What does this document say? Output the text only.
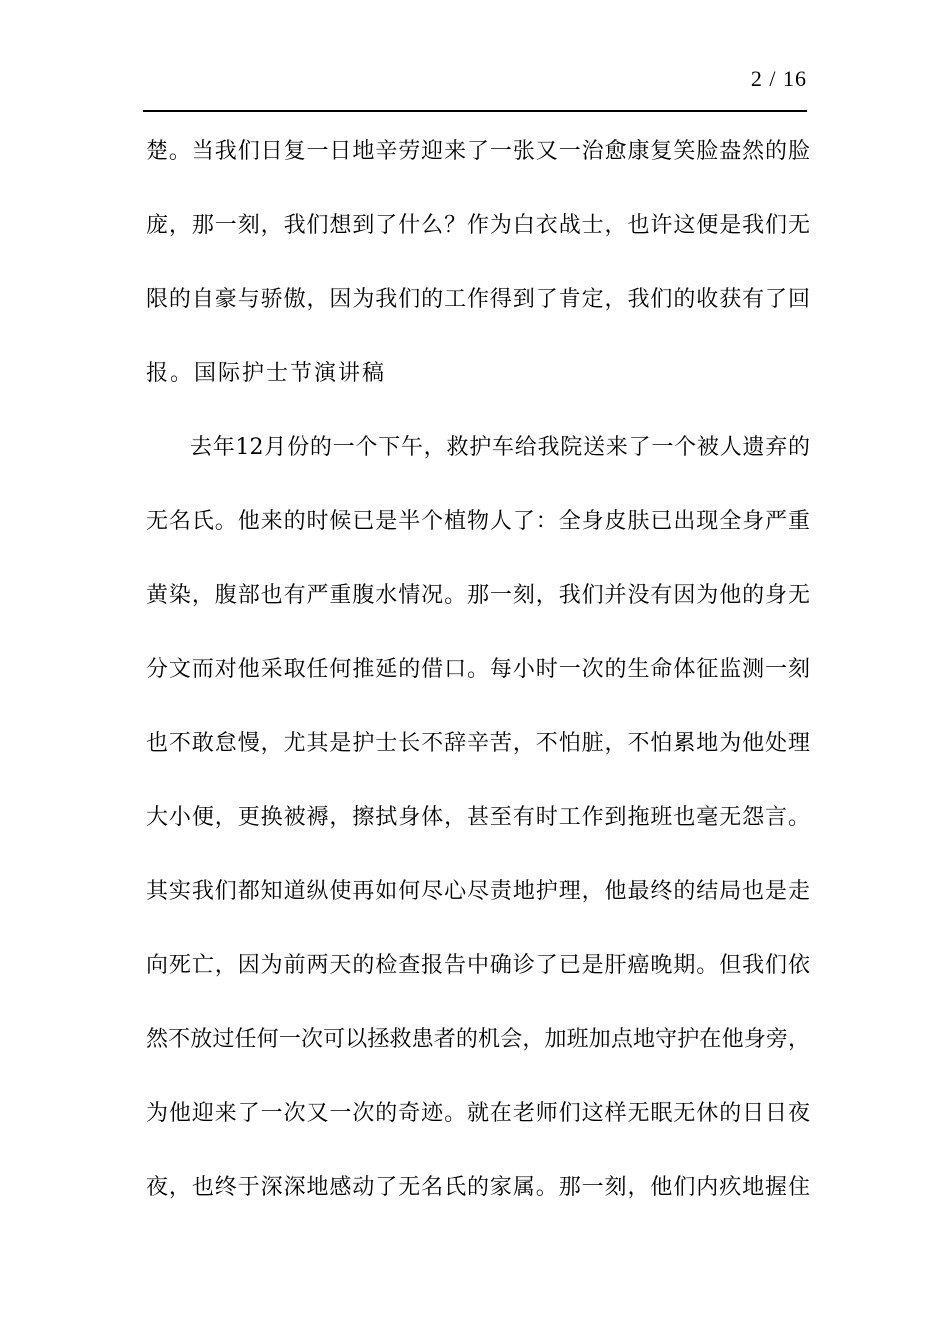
2 / 16
楚。当我们日复一日地辛劳迎来了一张又一治愈康复笑脸盎然的脸
庞，那一刻，我们想到了什么？作为白衣战士，也许这便是我们无
限的自豪与骄傲，因为我们的工作得到了肯定，我们的收获有了回
报。国际护士节演讲稿
去年12月份的一个下午，救护车给我院送来了一个被人遗弃的
无名氏。他来的时候已是半个植物人了：全身皮肤已出现全身严重
黄染，腹部也有严重腹水情况。那一刻，我们并没有因为他的身无
分文而对他采取任何推延的借口。每小时一次的生命体征监测一刻
也不敢怠慢，尤其是护士长不辞辛苦，不怕脏，不怕累地为他处理
大小便，更换被褥，擦拭身体，甚至有时工作到拖班也毫无怨言。
其实我们都知道纵使再如何尽心尽责地护理，他最终的结局也是走
向死亡，因为前两天的检查报告中确诊了已是肝癌晚期。但我们依
然不放过任何一次可以拯救患者的机会，加班加点地守护在他身旁，
为他迎来了一次又一次的奇迹。就在老师们这样无眠无休的日日夜
夜，也终于深深地感动了无名氏的家属。那一刻，他们内疚地握住
